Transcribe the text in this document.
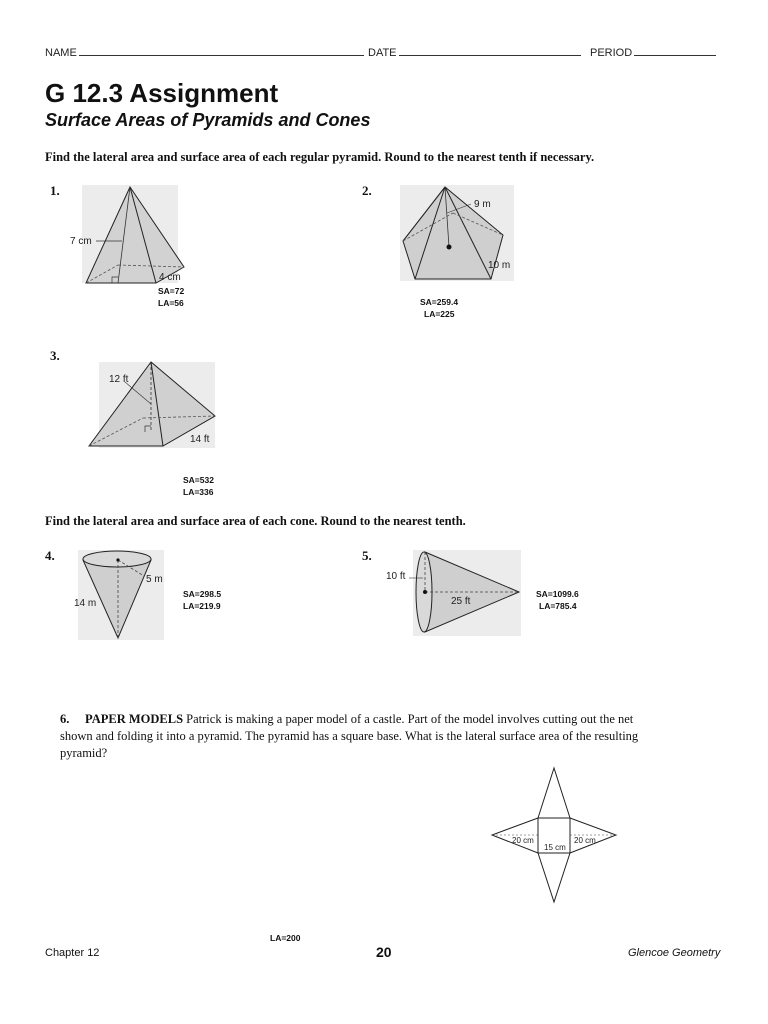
NAME	DATE	PERIOD
G 12.3 Assignment
Surface Areas of Pyramids and Cones
Find the lateral area and surface area of each regular pyramid. Round to the nearest tenth if necessary.
1.
7 cm
4 cm
SA=72
LA=56
2.
9 m
10 m
SA=259.4
LA=225
3.
12 ft
14 ft
SA=532
LA=336
Find the lateral area and surface area of each cone. Round to the nearest tenth.
4.
5 m
14 m
SA=298.5
LA=219.9
5.
10 ft
25 ft
SA=1099.6
LA=785.4
6. PAPER MODELS Patrick is making a paper model of a castle. Part of the model involves cutting out the net shown and folding it into a pyramid. The pyramid has a square base. What is the lateral surface area of the resulting pyramid?
20 cm
15 cm
20 cm
LA=200
Chapter 12	20	Glencoe Geometry
